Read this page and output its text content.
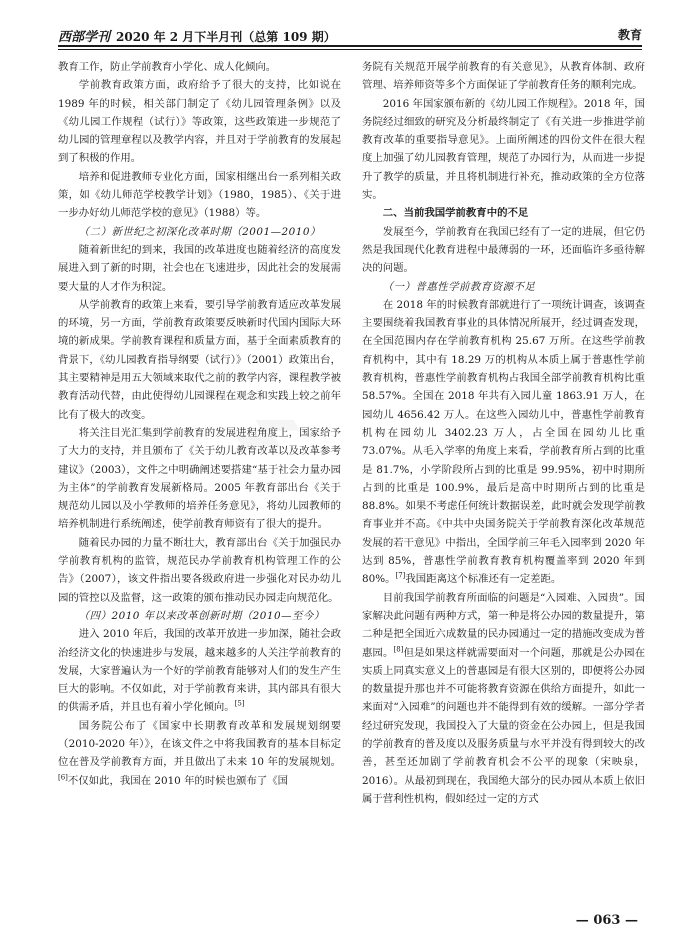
西部学刊 2020 年 2 月下半月刊（总第 109 期）	教育

教育工作，防止学前教育小学化、成人化倾向。

学前教育政策方面，政府给予了很大的支持，比如说在 1989 年的时候，相关部门制定了《幼儿园管理条例》以及《幼儿园工作规程（试行）》等政策，这些政策进一步规范了幼儿园的管理章程以及教学内容，并且对于学前教育的发展起到了积极的作用。

培养和促进教师专业化方面，国家相继出台一系列相关政策，如《幼儿师范学校教学计划》（1980，1985）、《关于进一步办好幼儿师范学校的意见》（1988）等。

（二）新世纪之初深化改革时期（2001—2010）

随着新世纪的到来，我国的改革进度也随着经济的高度发展进入到了新的时期，社会也在飞速进步，因此社会的发展需要大量的人才作为积淀。

从学前教育的政策上来看，要引导学前教育适应改革发展的环境，另一方面，学前教育政策要反映新时代国内国际大环境的新成果。学前教育课程和质量方面，基于全面素质教育的背景下，《幼儿园教育指导纲要（试行）》（2001）政策出台，其主要精神是用五大领域来取代之前的教学内容，课程教学被教育活动代替，由此使得幼儿园课程在观念和实践上较之前年比有了极大的改变。

将关注目光汇集到学前教育的发展进程角度上，国家给予了大力的支持，并且颁布了《关于幼儿教育改革以及改革参考建议》（2003），文件之中明确阐述要搭建“基于社会力量办园为主体”的学前教育发展新格局。2005 年教育部出台《关于规范幼儿园以及小学教师的培养任务意见》，将幼儿园教师的培养机制进行系统阐述，使学前教育师资有了很大的提升。

随着民办园的力量不断壮大，教育部出台《关于加强民办学前教育机构的监管，规范民办学前教育机构管理工作的公告》（2007），该文件指出要各级政府进一步强化对民办幼儿园的管控以及监督，这一政策的颁布推动民办园走向规范化。

（四）2010 年以来改革创新时期（2010—至今）

进入 2010 年后，我国的改革开放进一步加深，随社会政治经济文化的快速进步与发展，越来越多的人关注学前教育的发展，大家普遍认为一个好的学前教育能够对人们的发生产生巨大的影响。不仅如此，对于学前教育来讲，其内部具有很大的供需矛盾，并且也有着小学化倾向。[5]

国务院公布了《国家中长期教育改革和发展规划纲要（2010-2020 年）》，在该文件之中将我国教育的基本目标定位在普及学前教育方面，并且做出了未来 10 年的发展规划。[6]不仅如此，我国在 2010 年的时候也颁布了《国

务院有关规范开展学前教育的有关意见》，从教育体制、政府管理、培养师资等多个方面保证了学前教育任务的顺利完成。

2016 年国家颁布新的《幼儿园工作规程》。2018 年，国务院经过细致的研究及分析最终制定了《有关进一步推进学前教育改革的重要指导意见》。上面所阐述的四份文件在很大程度上加强了幼儿园教育管理，规范了办园行为，从而进一步提升了教学的质量，并且将机制进行补充，推动政策的全方位落实。

二、当前我国学前教育中的不足

发展至今，学前教育在我国已经有了一定的进展，但它仍然是我国现代化教育进程中最薄弱的一环，还面临许多亟待解决的问题。

（一）普惠性学前教育资源不足

在 2018 年的时候教育部就进行了一项统计调查，该调查主要围绕着我国教育事业的具体情况所展开，经过调查发现，在全国范围内存在学前教育机构 25.67 万所。在这些学前教育机构中，其中有 18.29 万的机构从本质上属于普惠性学前教育机构，普惠性学前教育机构占我国全部学前教育机构比重 58.57%。全国在 2018 年共有入园儿童 1863.91 万人，在园幼儿 4656.42 万人。在这些入园幼儿中，普惠性学前教育机构在园幼儿 3402.23 万人，占全国在园幼儿比重 73.07%。从毛入学率的角度上来看，学前教育所占到的比重是 81.7%，小学阶段所占到的比重是 99.95%，初中时期所占到的比重是 100.9%，最后是高中时期所占到的比重是 88.8%。如果不考虑任何统计数据误差，此时就会发现学前教育事业并不高。《中共中央国务院关于学前教育深化改革规范发展的若干意见》中指出，全国学前三年毛入园率到 2020 年达到 85%，普惠性学前教育教育机构覆盖率到 2020 年到 80%。[7]我国距离这个标准还有一定差距。

目前我国学前教育所面临的问题是“入园难、入园贵”。国家解决此问题有两种方式，第一种是将公办园的数量提升，第二种是把全国近六成数量的民办园通过一定的措施改变成为普惠园。[8]但是如果这样就需要面对一个问题，那就是公办园在实质上同真实意义上的普惠园是有很大区别的，即便将公办园的数量提升那也并不可能将教育资源在供给方面提升，如此一来面对“入园难”的问题也并不能得到有效的缓解。一部分学者经过研究发现，我国投入了大量的资金在公办园上，但是我国的学前教育的普及度以及服务质量与水平并没有得到较大的改善，甚至还加剧了学前教育机会不公平的现象（宋映泉，2016）。从最初到现在，我国绝大部分的民办园从本质上依旧属于营利性机构，假如经过一定的方式

— 063 —
